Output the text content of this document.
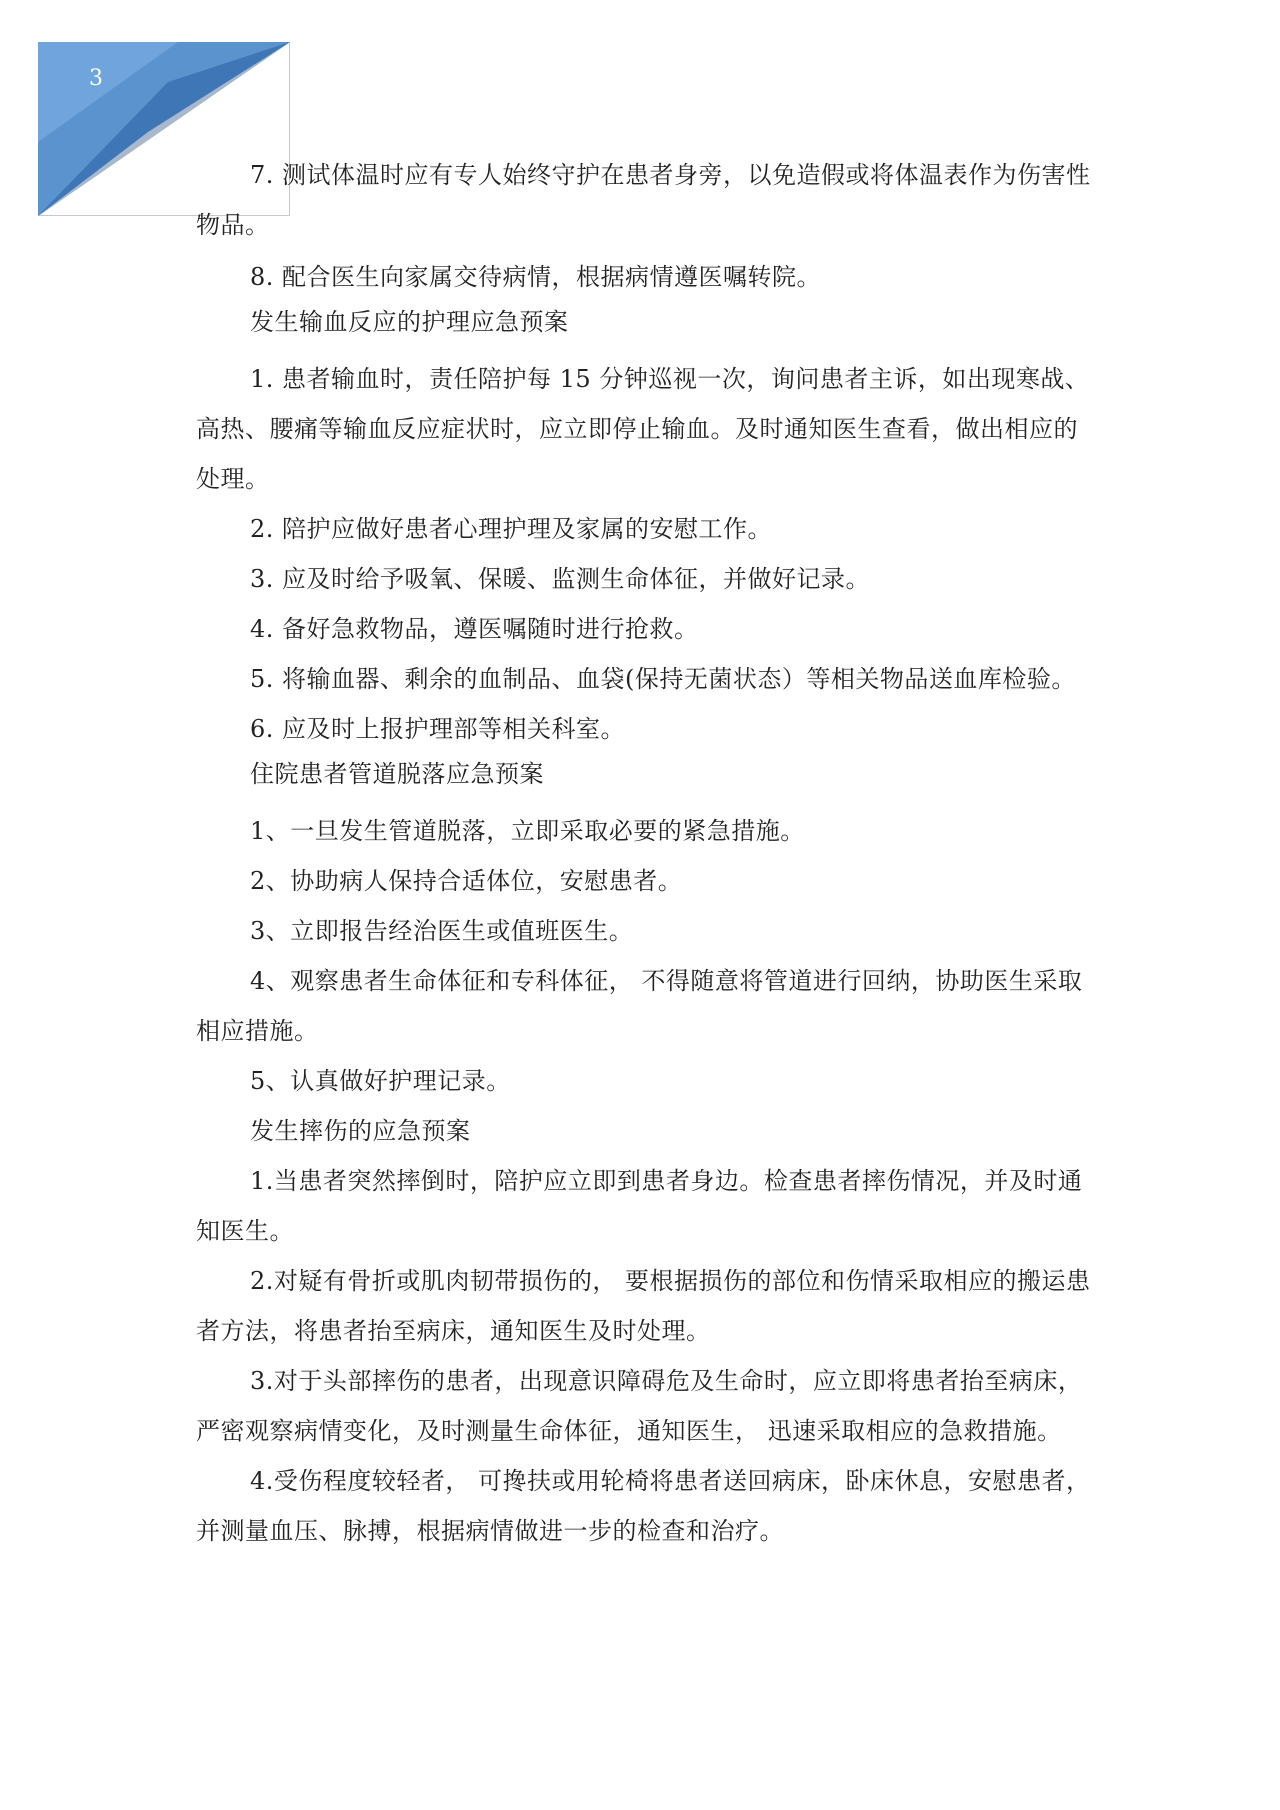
3

7. 测试体温时应有专人始终守护在患者身旁，以免造假或将体温表作为伤害性物品。

8. 配合医生向家属交待病情，根据病情遵医嘱转院。

发生输血反应的护理应急预案

1. 患者输血时，责任陪护每 15 分钟巡视一次，询问患者主诉，如出现寒战、高热、腰痛等输血反应症状时，应立即停止输血。及时通知医生查看，做出相应的处理。

2. 陪护应做好患者心理护理及家属的安慰工作。

3. 应及时给予吸氧、保暖、监测生命体征，并做好记录。

4. 备好急救物品，遵医嘱随时进行抢救。

5. 将输血器、剩余的血制品、血袋(保持无菌状态）等相关物品送血库检验。

6. 应及时上报护理部等相关科室。

住院患者管道脱落应急预案

1、一旦发生管道脱落，立即采取必要的紧急措施。

2、协助病人保持合适体位，安慰患者。

3、立即报告经治医生或值班医生。

4、观察患者生命体征和专科体征， 不得随意将管道进行回纳，协助医生采取相应措施。

5、认真做好护理记录。

发生摔伤的应急预案

1.当患者突然摔倒时，陪护应立即到患者身边。检查患者摔伤情况，并及时通知医生。

2.对疑有骨折或肌肉韧带损伤的， 要根据损伤的部位和伤情采取相应的搬运患者方法，将患者抬至病床，通知医生及时处理。

3.对于头部摔伤的患者，出现意识障碍危及生命时，应立即将患者抬至病床，严密观察病情变化，及时测量生命体征，通知医生， 迅速采取相应的急救措施。

4.受伤程度较轻者， 可搀扶或用轮椅将患者送回病床，卧床休息，安慰患者，并测量血压、脉搏，根据病情做进一步的检查和治疗。
